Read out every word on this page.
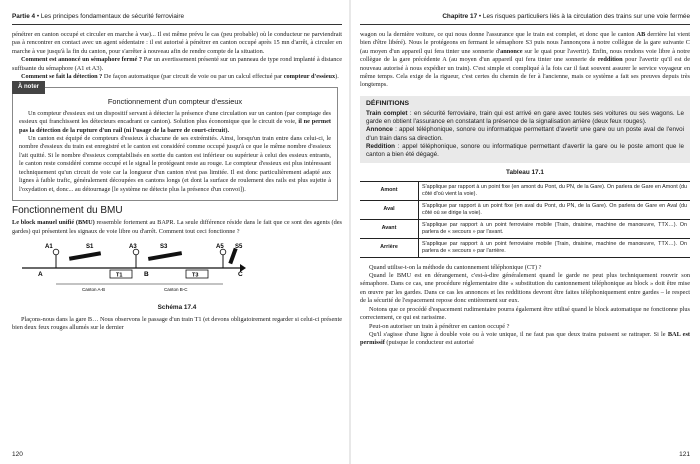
Partie 4 • Les principes fondamentaux de sécurité ferroviaire

pénétrer en canton occupé et circuler en marche à vue)... Il est même prévu le cas (peu probable) où le conducteur ne parviendrait pas à rencontrer en contact avec un agent sédentaire : il est autorisé à pénétrer en canton occupé après 15 mn d'arrêt, à circuler en marche à vue jusqu'à la fin du canton, pour s'arrêter à nouveau afin de rendre compte de la situation.

Comment est annoncé un sémaphore fermé ? Par un avertissement présenté sur un panneau de type rond implanté à distance suffisante du sémaphore (A1 et A3).

Comment se fait la détection ? De façon automatique (par circuit de voie ou par un calcul effectué par compteur d'essieux).

À noter
Fonctionnement d'un compteur d'essieux

Un compteur d'essieux est un dispositif servant à détecter la présence d'une circulation sur un canton (par comptage des essieux qui franchissent les détecteurs encadrant ce canton). Solution plus économique que le circuit de voie, il ne permet pas la détection de la rupture d'un rail (ni l'usage de la barre de court-circuit).

Un canton est équipé de compteurs d'essieux à chacune de ses extrémités. Ainsi, lorsqu'un train entre dans celui-ci, le nombre d'essieux du train est enregistré et le canton est considéré comme occupé jusqu'à ce que le même nombre d'essieux l'ait quitté. Si le nombre d'essieux comptabilisés en sortie du canton est inférieur ou supérieur à celui des essieux entrants, le canton reste considéré comme occupé et le signal le protégeant reste au rouge. Le compteur d'essieux est plus intéressant techniquement qu'un circuit de voie car la longueur d'un canton n'est pas limitée. Il est donc particulièrement adapté aux lignes à faible trafic, généralement découpées en cantons longs (et dont la surface de roulement des rails est plus sujette à l'oxydation et, donc... au détournage [le système ne détecte plus la présence d'un convoi]).

Fonctionnement du BMU

Le block manuel unifié (BMU) ressemble fortement au BAPR. La seule différence réside dans le fait que ce sont des agents (des gardes) qui présentent les signaux de voie libre ou d'arrêt. Comment tout ceci fonctionne ?

A1	S1	A3	S3	A5 S5
T1	T3
A	B	C
Canton A-B	Canton B-C
Schéma 17.4

Plaçons-nous dans la gare B… Nous observons le passage d'un train T1 (et devons obligatoirement regarder si celui-ci présente bien deux feux rouges allumés sur le dernier

120
Chapitre 17 • Les risques particuliers liés à la circulation des trains sur une voie fermée

wagon ou la dernière voiture, ce qui nous donne l'assurance que le train est complet, et donc que le canton AB derrière lui vient bien d'être libéré). Nous le protégeons en fermant le sémaphore S3 puis nous l'annonçons à notre collègue de la gare suivante C (au moyen d'un appareil qui fera tinter une sonnerie d'annonce sur le quai pour l'avertir). Enfin, nous rendons voie libre à notre collègue de la gare précédente A (au moyen d'un appareil qui fera tinter une sonnerie de reddition pour l'avertir qu'il est de nouveau autorisé à nous expédier un train). C'est simple et compliqué à la fois car il faut souvent assurer le service voyageur en même temps. Cela exige de la rigueur, c'est certes du chemin de fer à l'ancienne, mais ce système a fait ses preuves depuis très longtemps.

DÉFINITIONS
Train complet : en sécurité ferroviaire, train qui est arrivé en gare avec toutes ses voitures ou ses wagons. Le garde en obtient l'assurance en constatant la présence de la signalisation arrière (deux feux rouges).
Annonce : appel téléphonique, sonore ou informatique permettant d'avertir une gare ou un poste aval de l'envoi d'un train dans sa direction.
Reddition : appel téléphonique, sonore ou informatique permettant d'avertir la gare ou le poste amont que le canton a bien été dégagé.
Tableau 17.1
Amont	S'applique par rapport à un point fixe (en amont du Pont, du PN, de la Gare). On parlera de Gare en Amont (du côté d'où vient la voie).
Aval	S'applique par rapport à un point fixe (en aval du Pont, du PN, de la Gare). On parlera de Gare en Aval (du côté où se dirige la voie).
Avant	S'applique par rapport à un point ferroviaire mobile (Train, draisine, machine de manœuvre, TTX…). On parlera de « secours » par l'avant.
Arrière	S'applique par rapport à un point ferroviaire mobile (Train, draisine, machine de manœuvre, TTX…). On parlera de « secours » par l'arrière.

Quand utilise-t-on la méthode du cantonnement téléphonique (CT) ?

Quand le BMU est en dérangement, c'est-à-dire généralement quand le garde ne peut plus techniquement rouvrir son sémaphore. Dans ce cas, une procédure réglementaire dite « substitution du cantonnement téléphonique au block » doit être mise en œuvre par les gardes. Dans ce cas les annonces et les redditions devront être faites téléphoniquement entre gardes – le respect de la sécurité de l'espacement repose donc entièrement sur eux.

Notons que ce procédé d'espacement rudimentaire pourra également être utilisé quand le block automatique ne fonctionne plus correctement, ce qui est rarissime.

Peut-on autoriser un train à pénétrer en canton occupé ?

Qu'il s'agisse d'une ligne à double voie ou à voie unique, il ne faut pas que deux trains puissent se rattraper. Si le BAL est permissif (puisque le conducteur est autorisé

121
